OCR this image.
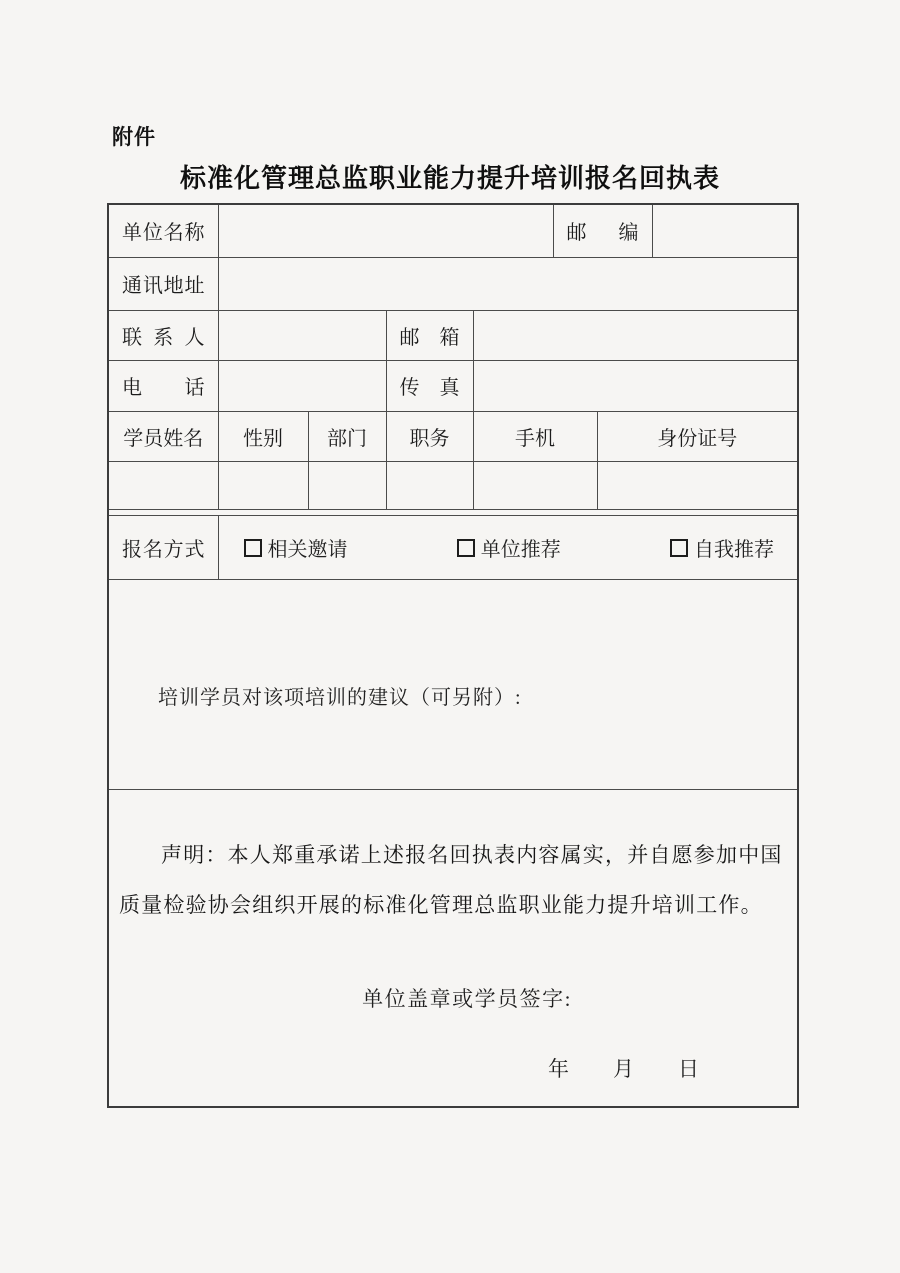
附件
标准化管理总监职业能力提升培训报名回执表
单位名称					邮编		
通讯地址							
联系人			邮箱				
电话			传真				
学员姓名	性别	部门	职务	手机		身份证号	

报名方式	相关邀请 单位推荐 自我推荐						

培训学员对该项培训的建议（可另附）:							

声明：本人郑重承诺上述报名回执表内容属实，并自愿参加中国质量检验协会组织开展的标准化管理总监职业能力提升培训工作。

单位盖章或学员签字:
年 月 日							
